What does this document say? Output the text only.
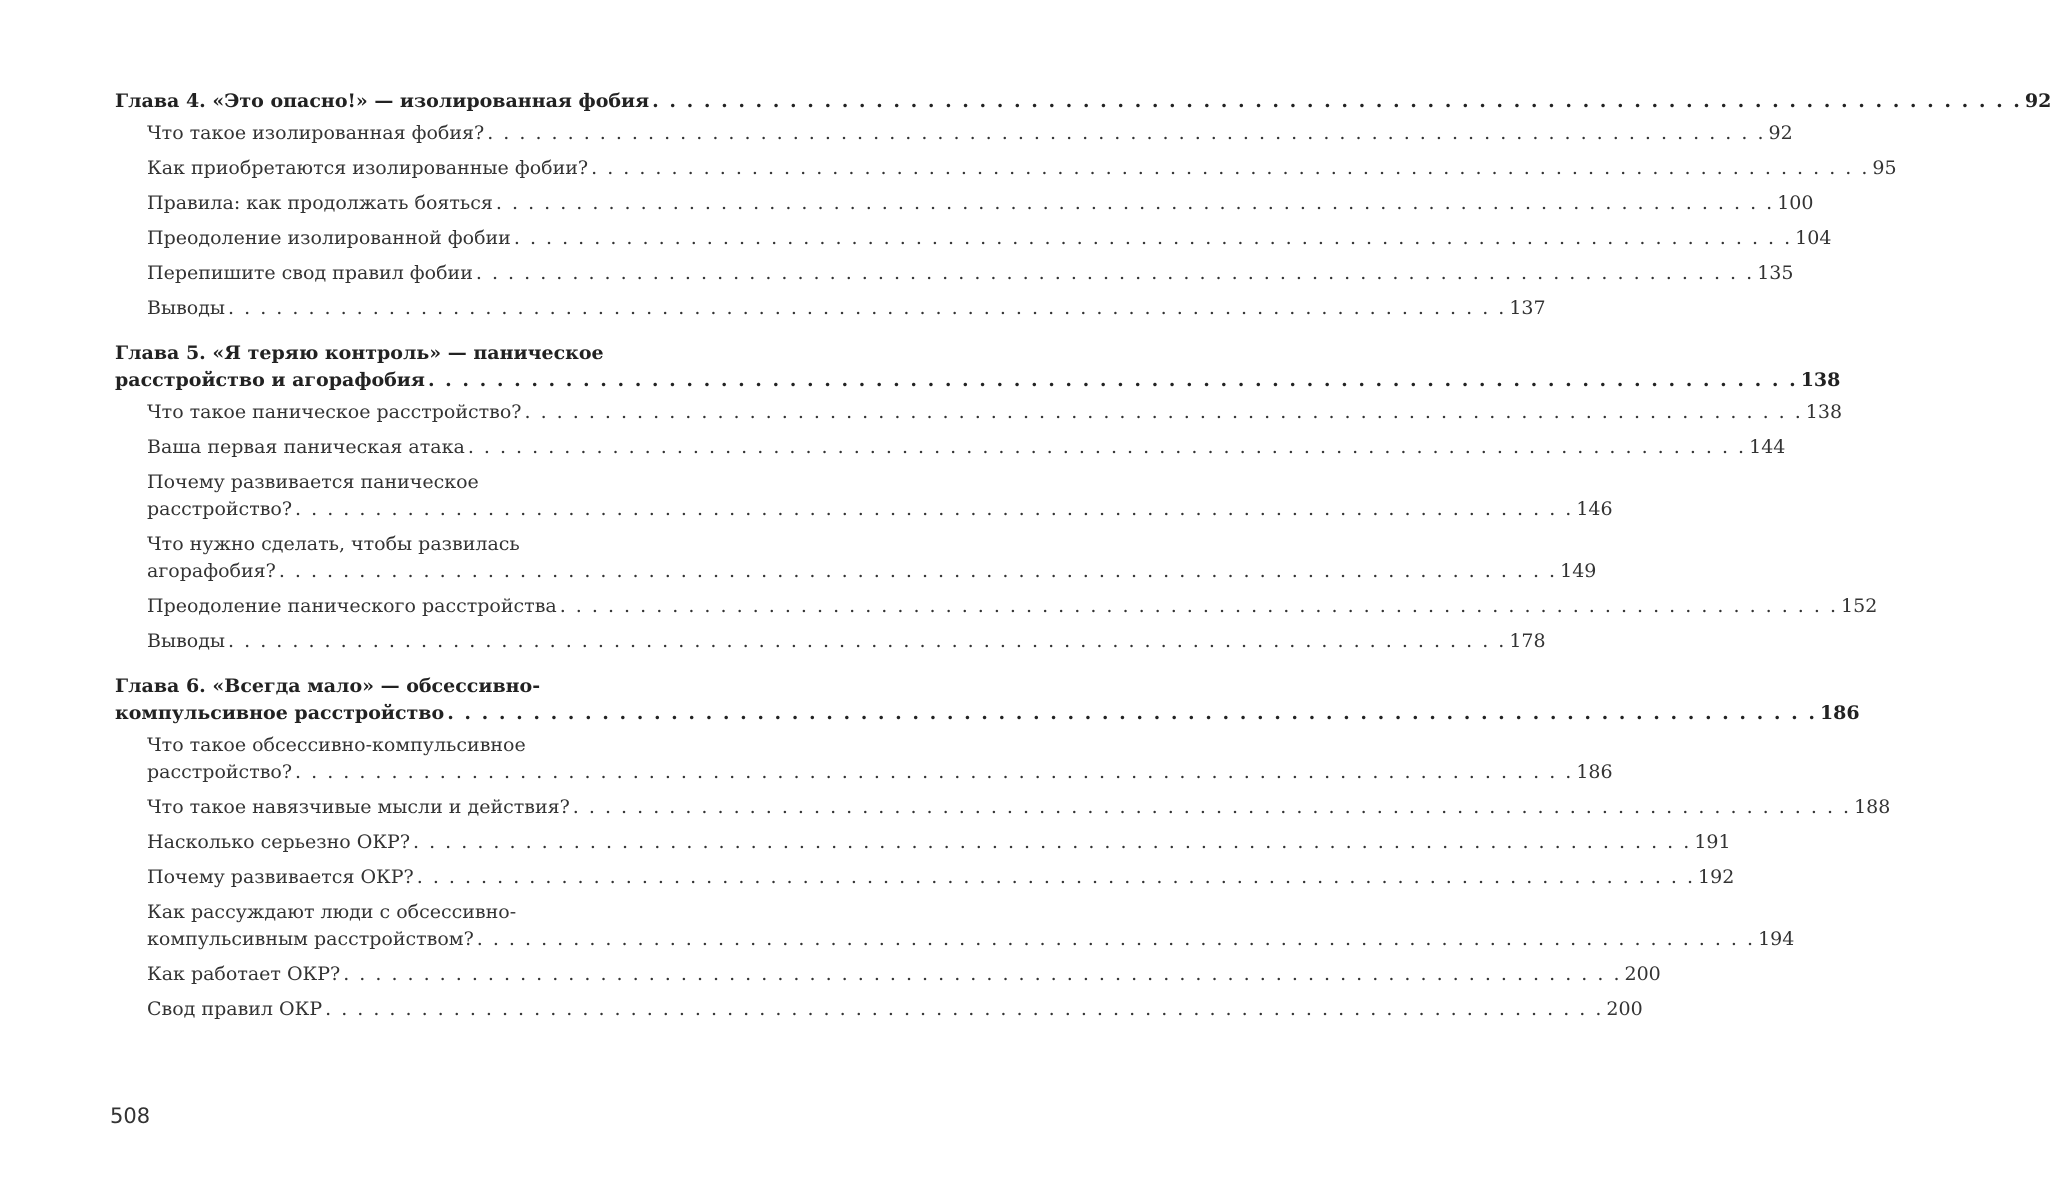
Глава 4. «Это опасно!» — изолированная фобия . . .	92
Что такое изолированная фобия? . . .	92
Как приобретаются изолированные фобии? . . .	95
Правила: как продолжать бояться . . .	100
Преодоление изолированной фобии . . .	104
Перепишите свод правил фобии . . .	135
Выводы . . .	137
Глава 5. «Я теряю контроль» — паническое
расстройство и агорафобия . . .	138
Что такое паническое расстройство? . . .	138
Ваша первая паническая атака . . .	144
Почему развивается паническое
расстройство? . . .	146
Что нужно сделать, чтобы развилась
агорафобия? . . .	149
Преодоление панического расстройства . . .	152
Выводы . . .	178
Глава 6. «Всегда мало» — обсессивно-
компульсивное расстройство . . .	186
Что такое обсессивно-компульсивное
расстройство? . . .	186
Что такое навязчивые мысли и действия? . . .	188
Насколько серьезно ОКР? . . .	191
Почему развивается ОКР? . . .	192
Как рассуждают люди с обсессивно-
компульсивным расстройством? . . .	194
Как работает ОКР? . . .	200
Свод правил ОКР . . .	200
508
